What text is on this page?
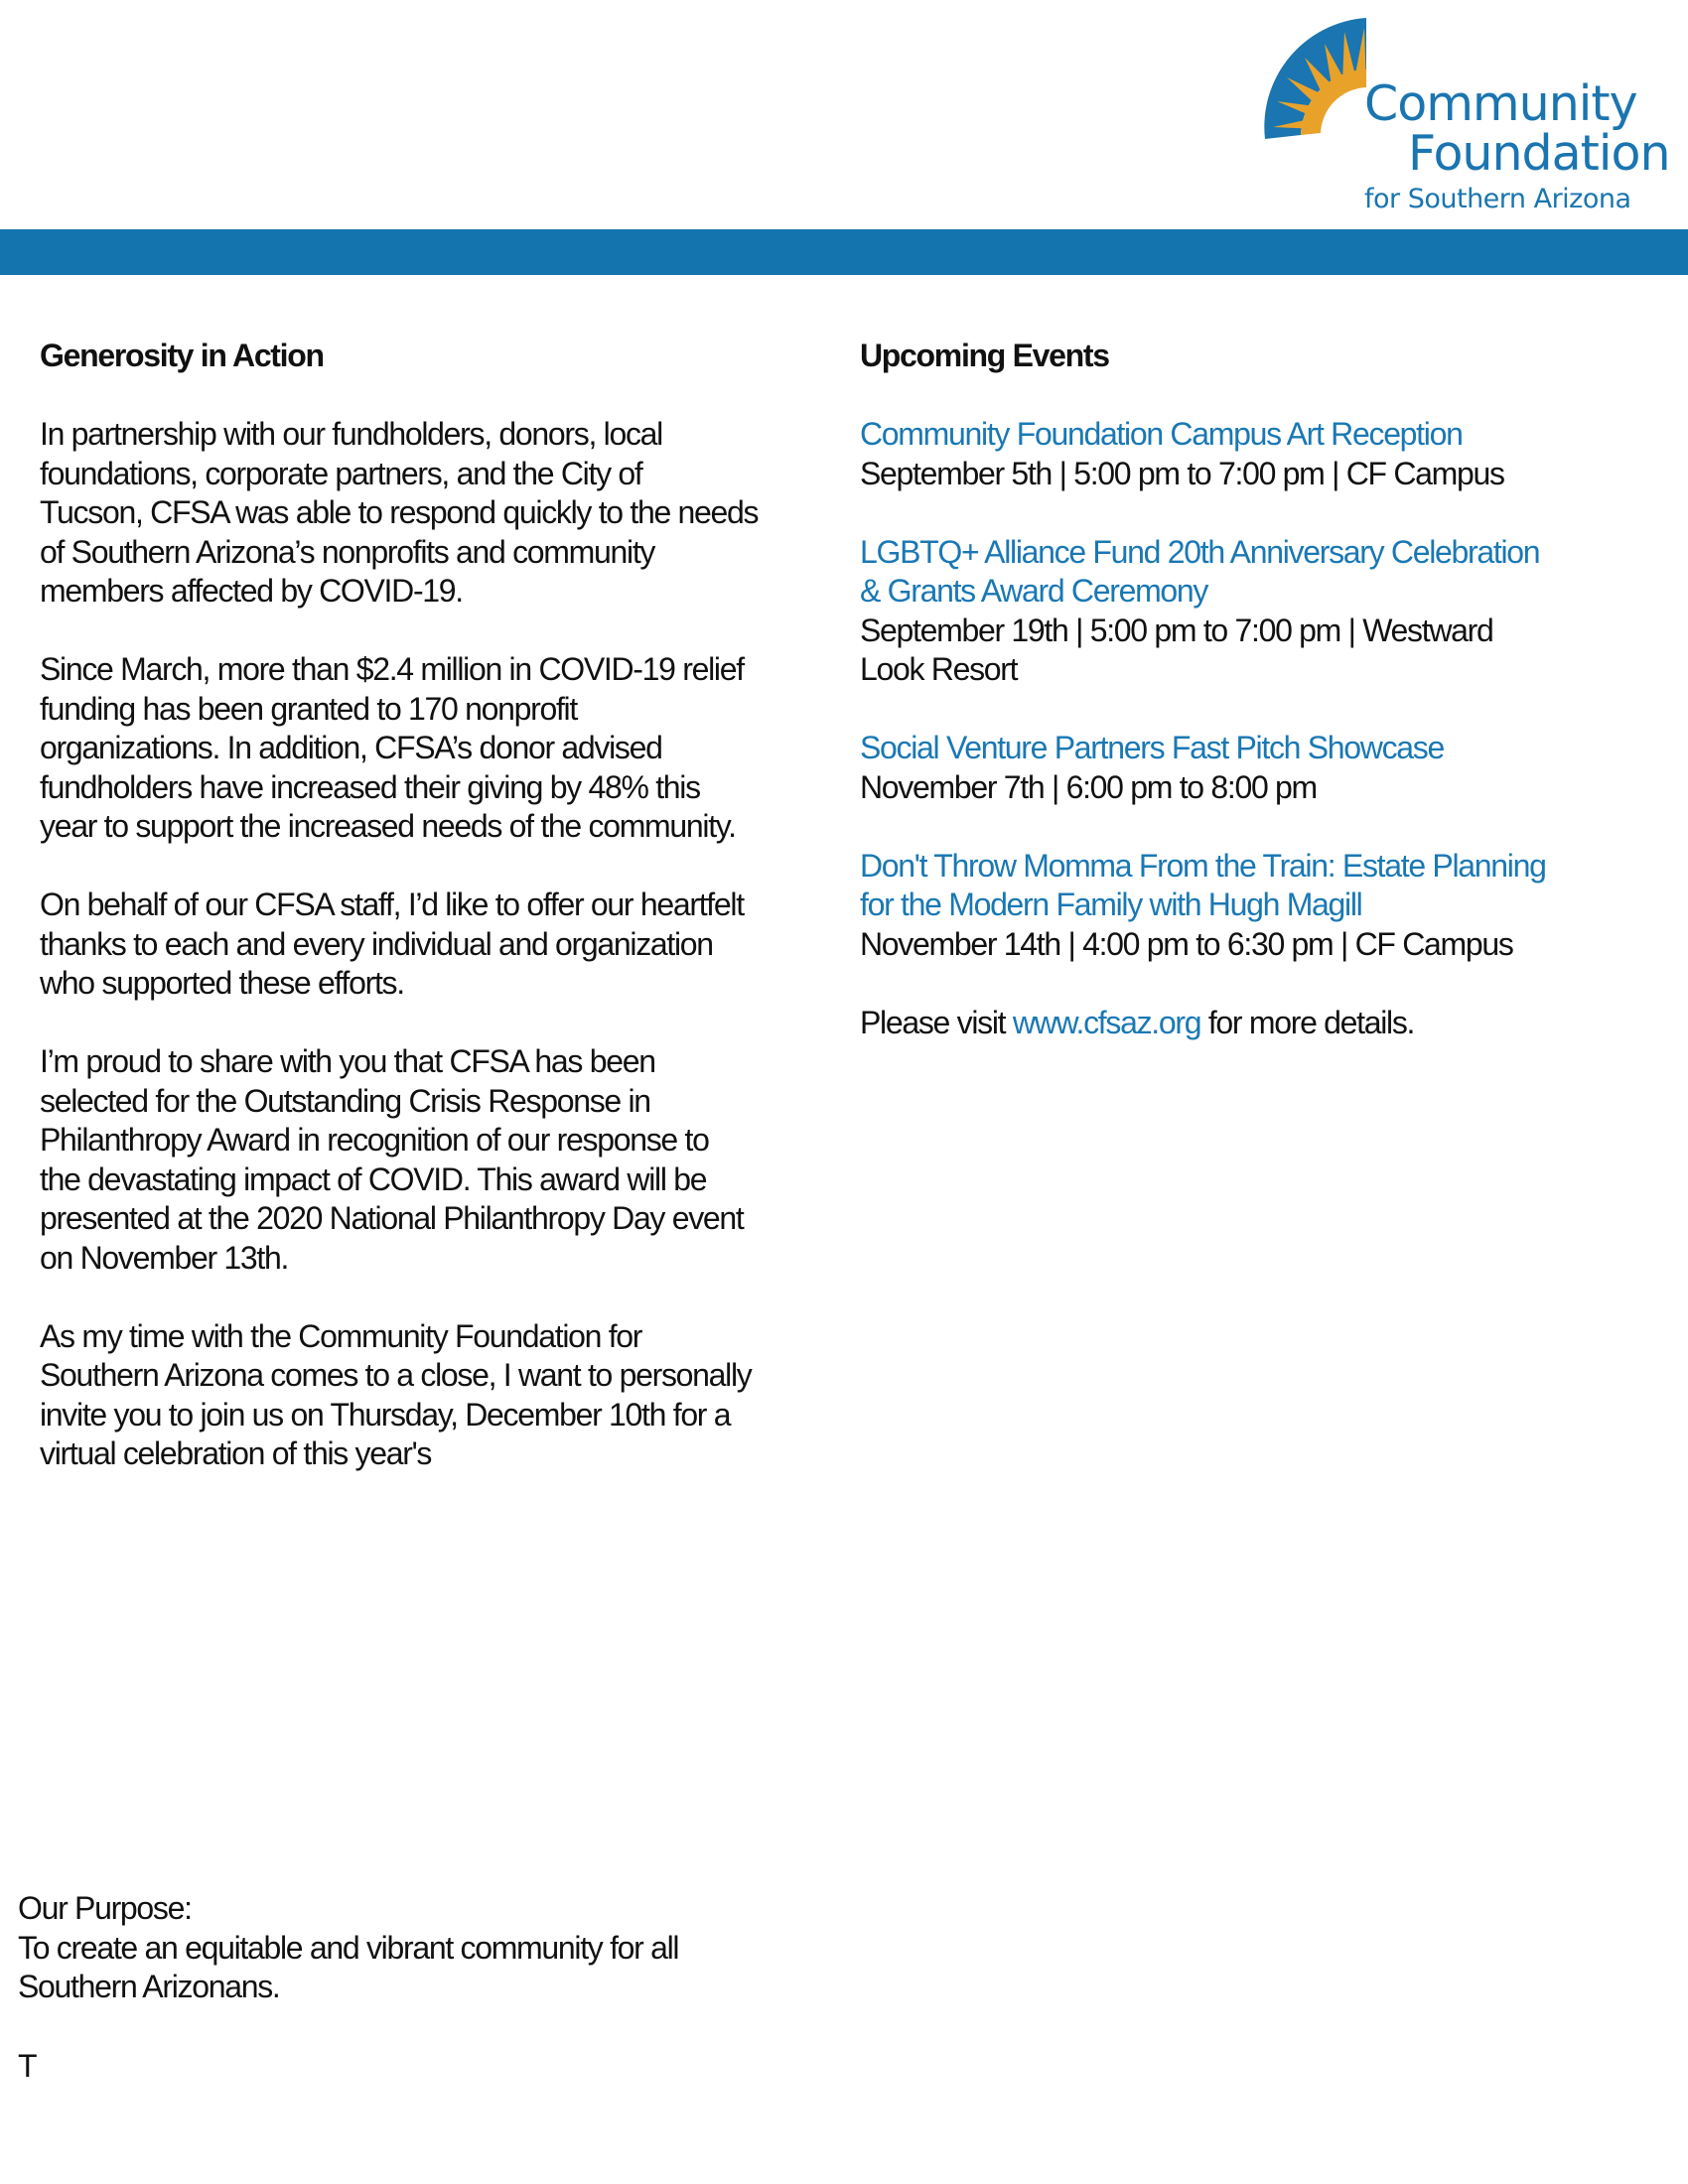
Community
Foundation
for Southern Arizona
Generosity in Action

In partnership with our fundholders, donors, local
foundations, corporate partners, and the City of
Tucson, CFSA was able to respond quickly to the needs
of Southern Arizona’s nonprofits and community
members affected by COVID-19.

Since March, more than $2.4 million in COVID-19 relief
funding has been granted to 170 nonprofit
organizations. In addition, CFSA’s donor advised
fundholders have increased their giving by 48% this
year to support the increased needs of the community.

On behalf of our CFSA staff, I’d like to offer our heartfelt
thanks to each and every individual and organization
who supported these efforts.

I’m proud to share with you that CFSA has been
selected for the Outstanding Crisis Response in
Philanthropy Award in recognition of our response to
the devastating impact of COVID. This award will be
presented at the 2020 National Philanthropy Day event
on November 13th.

As my time with the Community Foundation for
Southern Arizona comes to a close, I want to personally
invite you to join us on Thursday, December 10th for a
virtual celebration of this year's

Upcoming Events
Community Foundation Campus Art Reception
September 5th | 5:00 pm to 7:00 pm | CF Campus
LGBTQ+ Alliance Fund 20th Anniversary Celebration
& Grants Award Ceremony
September 19th | 5:00 pm to 7:00 pm | Westward
Look Resort
Social Venture Partners Fast Pitch Showcase
November 7th | 6:00 pm to 8:00 pm
Don't Throw Momma From the Train: Estate Planning
for the Modern Family with Hugh Magill
November 14th | 4:00 pm to 6:30 pm | CF Campus
Please visit www.cfsaz.org for more details.
Our Purpose:
To create an equitable and vibrant community for all
Southern Arizonans.
T
